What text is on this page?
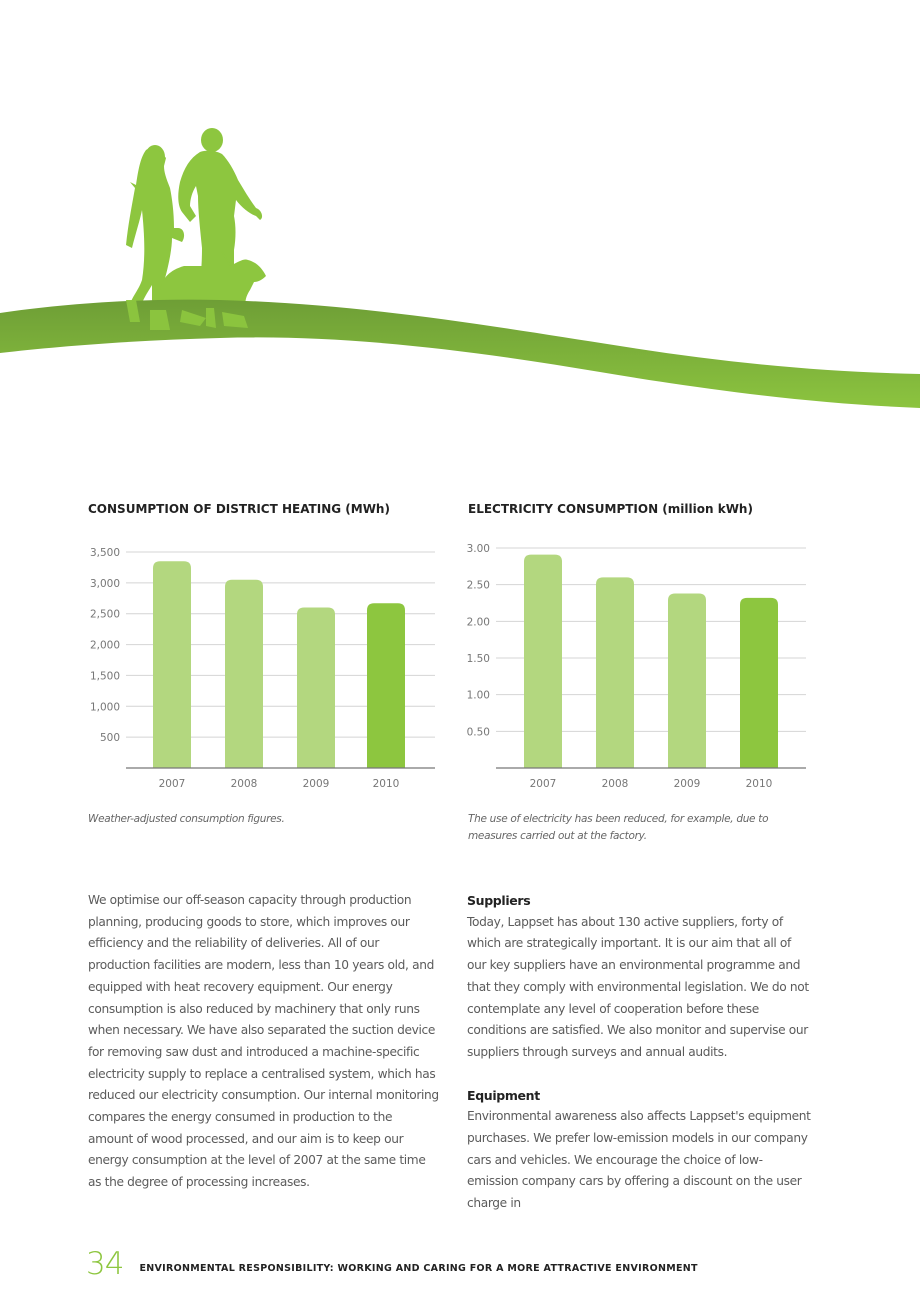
CONSUMPTION OF DISTRICT HEATING (MWh)
500
1,000
1,500
2,000
2,500
3,000
3,500
2007	2008	2009	2010
Weather-adjusted consumption figures.
ELECTRICITY CONSUMPTION (million kWh)
0.50
1.00
1.50
2.00
2.50
3.00
2007	2008	2009	2010
The use of electricity has been reduced, for example, due to measures carried out at the factory.

We optimise our off-season capacity through production planning, producing goods to store, which improves our efficiency and the reliability of deliveries. All of our production facilities are modern, less than 10 years old, and equipped with heat recovery equipment. Our energy consumption is also reduced by machinery that only runs when necessary. We have also separated the suction device for removing saw dust and introduced a machine-specific electricity supply to replace a centralised system, which has reduced our electricity consumption. Our internal monitoring compares the energy consumed in production to the amount of wood processed, and our aim is to keep our energy consumption at the level of 2007 at the same time as the degree of processing increases.

Suppliers

Today, Lappset has about 130 active suppliers, forty of which are strategically important. It is our aim that all of our key suppliers have an environmental programme and that they comply with environmental legislation. We do not contemplate any level of cooperation before these conditions are satisfied. We also monitor and supervise our suppliers through surveys and annual audits.

Equipment

Environmental awareness also affects Lappset's equipment purchases. We prefer low-emission models in our company cars and vehicles. We encourage the choice of low-emission company cars by offering a discount on the user charge in

34 ENVIRONMENTAL RESPONSIBILITY: WORKING AND CARING FOR A MORE ATTRACTIVE ENVIRONMENT
